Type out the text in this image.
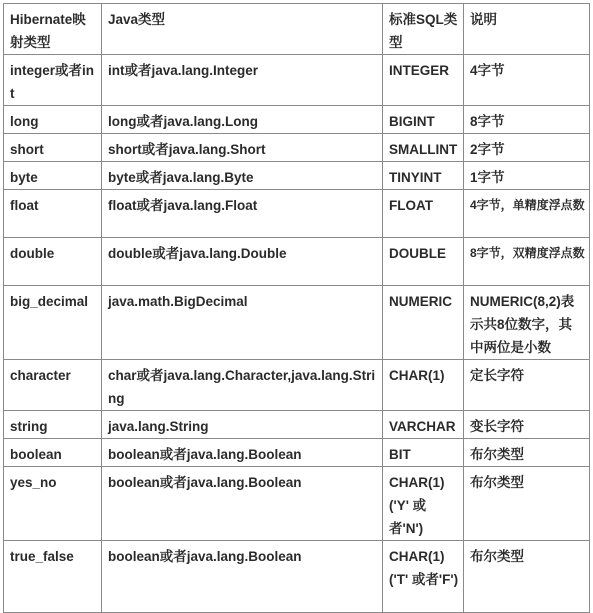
Hibernate映射类型	Java类型	标准SQL类型	说明
integer或者int	int或者java.lang.Integer	INTEGER	4字节
long	long或者java.lang.Long	BIGINT	8字节
short	short或者java.lang.Short	SMALLINT	2字节
byte	byte或者java.lang.Byte	TINYINT	1字节
float	float或者java.lang.Float	FLOAT	4字节，单精度浮点数
double	double或者java.lang.Double	DOUBLE	8字节，双精度浮点数
big_decimal	java.math.BigDecimal	NUMERIC	NUMERIC(8,2)表示共8位数字，其中两位是小数
character	char或者java.lang.Character,java.lang.String	CHAR(1)	定长字符
string	java.lang.String	VARCHAR	变长字符
boolean	boolean或者java.lang.Boolean	BIT	布尔类型
yes_no	boolean或者java.lang.Boolean	CHAR(1)('Y' 或者'N')	布尔类型
true_false	boolean或者java.lang.Boolean	CHAR(1)('T' 或者'F')	布尔类型
